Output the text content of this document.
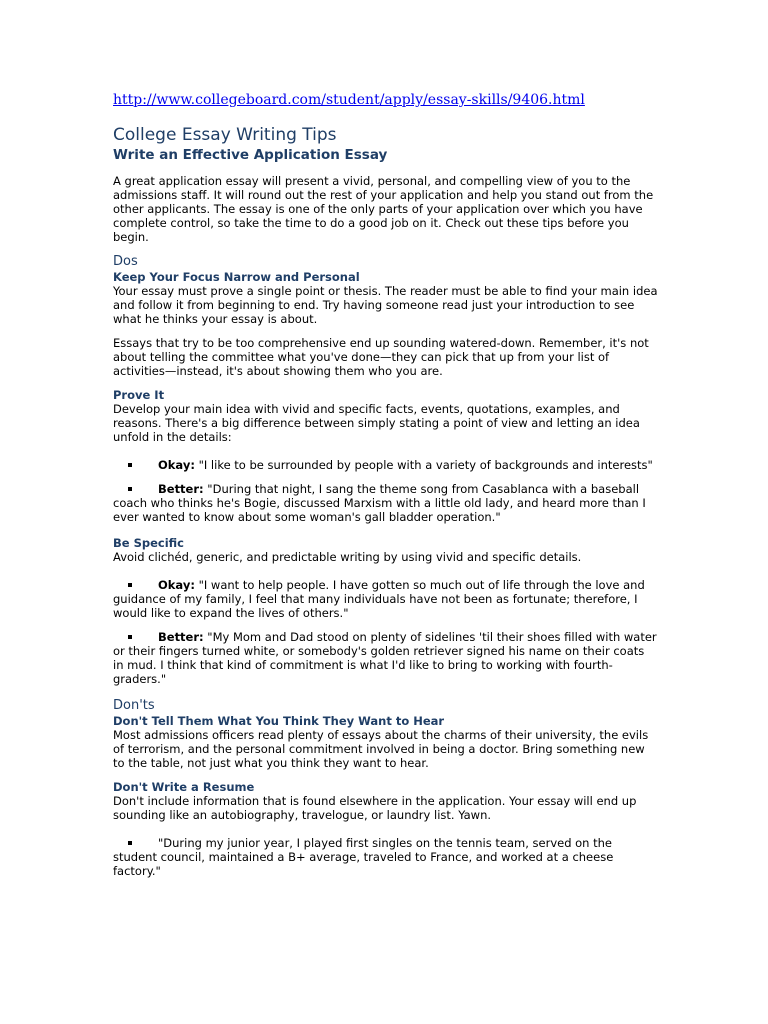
http://www.collegeboard.com/student/apply/essay-skills/9406.html
College Essay Writing Tips
Write an Effective Application Essay

A great application essay will present a vivid, personal, and compelling view of you to the admissions staff. It will round out the rest of your application and help you stand out from the other applicants. The essay is one of the only parts of your application over which you have complete control, so take the time to do a good job on it. Check out these tips before you begin.

Dos
Keep Your Focus Narrow and Personal

Your essay must prove a single point or thesis. The reader must be able to find your main idea and follow it from beginning to end. Try having someone read just your introduction to see what he thinks your essay is about.

Essays that try to be too comprehensive end up sounding watered-down. Remember, it's not about telling the committee what you've done—they can pick that up from your list of activities—instead, it's about showing them who you are.

Prove It

Develop your main idea with vivid and specific facts, events, quotations, examples, and reasons. There's a big difference between simply stating a point of view and letting an idea unfold in the details:

Okay: "I like to be surrounded by people with a variety of backgrounds and interests"
Better: "During that night, I sang the theme song from Casablanca with a baseball coach who thinks he's Bogie, discussed Marxism with a little old lady, and heard more than I ever wanted to know about some woman's gall bladder operation."
Be Specific

Avoid clichéd, generic, and predictable writing by using vivid and specific details.

Okay: "I want to help people. I have gotten so much out of life through the love and guidance of my family, I feel that many individuals have not been as fortunate; therefore, I would like to expand the lives of others."
Better: "My Mom and Dad stood on plenty of sidelines 'til their shoes filled with water or their fingers turned white, or somebody's golden retriever signed his name on their coats in mud. I think that kind of commitment is what I'd like to bring to working with fourth-graders."
Don'ts
Don't Tell Them What You Think They Want to Hear

Most admissions officers read plenty of essays about the charms of their university, the evils of terrorism, and the personal commitment involved in being a doctor. Bring something new to the table, not just what you think they want to hear.

Don't Write a Resume

Don't include information that is found elsewhere in the application. Your essay will end up sounding like an autobiography, travelogue, or laundry list. Yawn.

"During my junior year, I played first singles on the tennis team, served on the student council, maintained a B+ average, traveled to France, and worked at a cheese factory."
